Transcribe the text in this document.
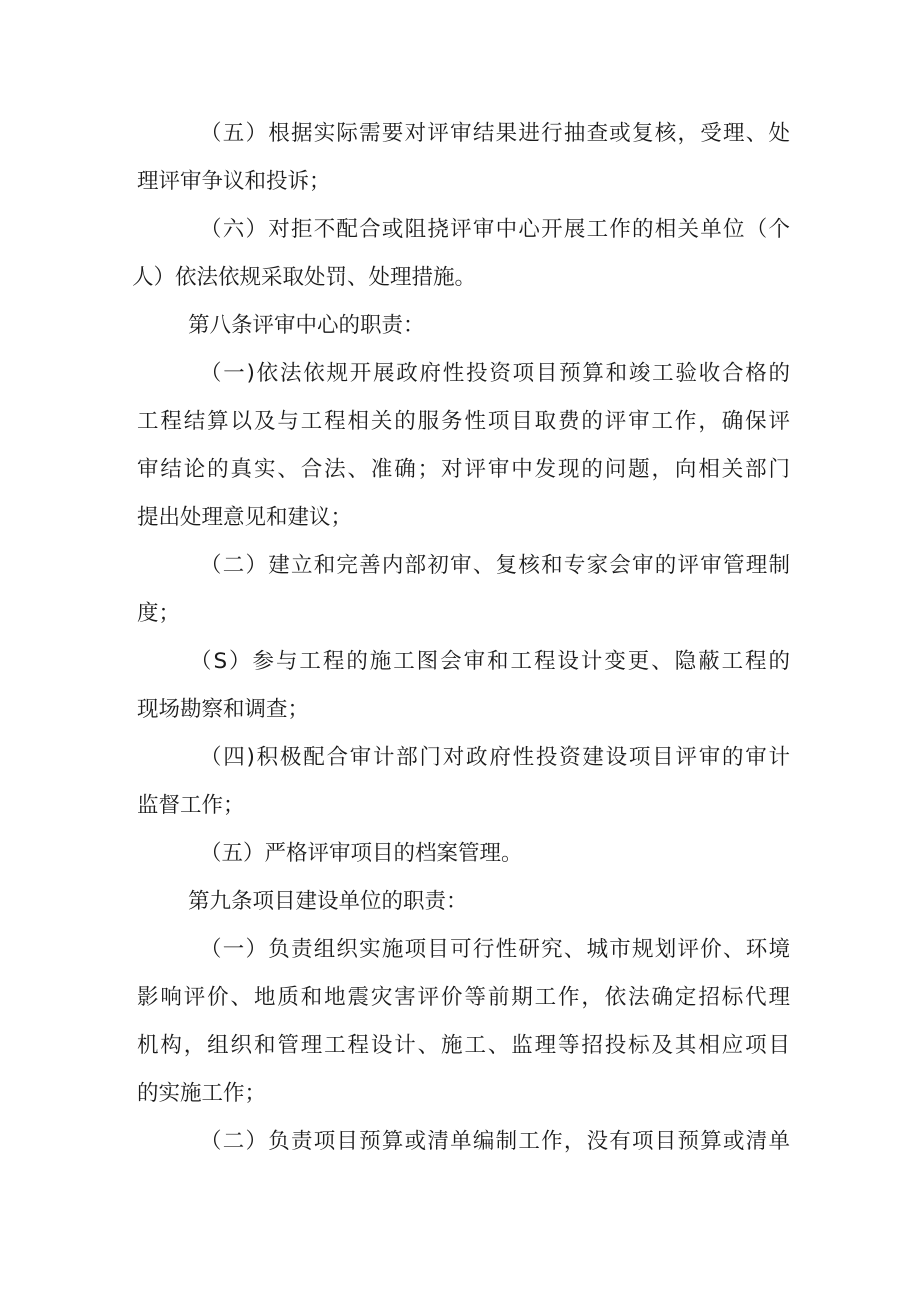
（五）根据实际需要对评审结果进行抽查或复核，受理、处
理评审争议和投诉；
（六）对拒不配合或阻挠评审中心开展工作的相关单位（个
人）依法依规采取处罚、处理措施。
第八条评审中心的职责：
（一)依法依规开展政府性投资项目预算和竣工验收合格的
工程结算以及与工程相关的服务性项目取费的评审工作，确保评
审结论的真实、合法、准确；对评审中发现的问题，向相关部门
提出处理意见和建议；
（二）建立和完善内部初审、复核和专家会审的评审管理制
度；
（S）参与工程的施工图会审和工程设计变更、隐蔽工程的
现场勘察和调查；
（四)积极配合审计部门对政府性投资建设项目评审的审计
监督工作；
（五）严格评审项目的档案管理。
第九条项目建设单位的职责：
（一）负责组织实施项目可行性研究、城市规划评价、环境
影响评价、地质和地震灾害评价等前期工作，依法确定招标代理
机构，组织和管理工程设计、施工、监理等招投标及其相应项目
的实施工作；
（二）负责项目预算或清单编制工作，没有项目预算或清单
